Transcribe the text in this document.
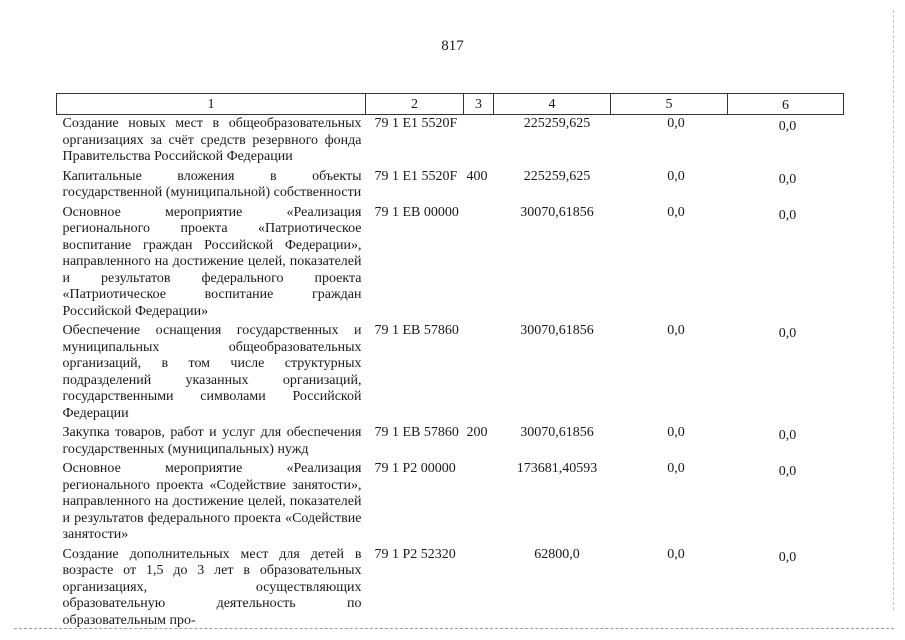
817
1	2	3	4	5	6
Создание новых мест в общеобразовательных организациях за счёт средств резервного фонда Правительства Российской Федерации	79 1 E1 5520F		225259,625	0,0	0,0
Капитальные вложения в объекты государственной (муниципальной) собственности	79 1 E1 5520F	400	225259,625	0,0	0,0
Основное мероприятие «Реализация регионального проекта «Патриотическое воспитание граждан Российской Федерации», направленного на достижение целей, показателей и результатов федерального проекта «Патриотическое воспитание граждан Российской Федерации»	79 1 EB 00000		30070,61856	0,0	0,0
Обеспечение оснащения государственных и муниципальных общеобразовательных организаций, в том числе структурных подразделений указанных организаций, государственными символами Российской Федерации	79 1 EB 57860		30070,61856	0,0	0,0
Закупка товаров, работ и услуг для обеспечения государственных (муниципальных) нужд	79 1 EB 57860	200	30070,61856	0,0	0,0
Основное мероприятие «Реализация регионального проекта «Содействие занятости», направленного на достижение целей, показателей и результатов федерального проекта «Содействие занятости»	79 1 P2 00000		173681,40593	0,0	0,0
Создание дополнительных мест для детей в возрасте от 1,5 до 3 лет в образовательных организациях, осуществляющих образовательную деятельность по образовательным про-	79 1 P2 52320		62800,0	0,0	0,0
